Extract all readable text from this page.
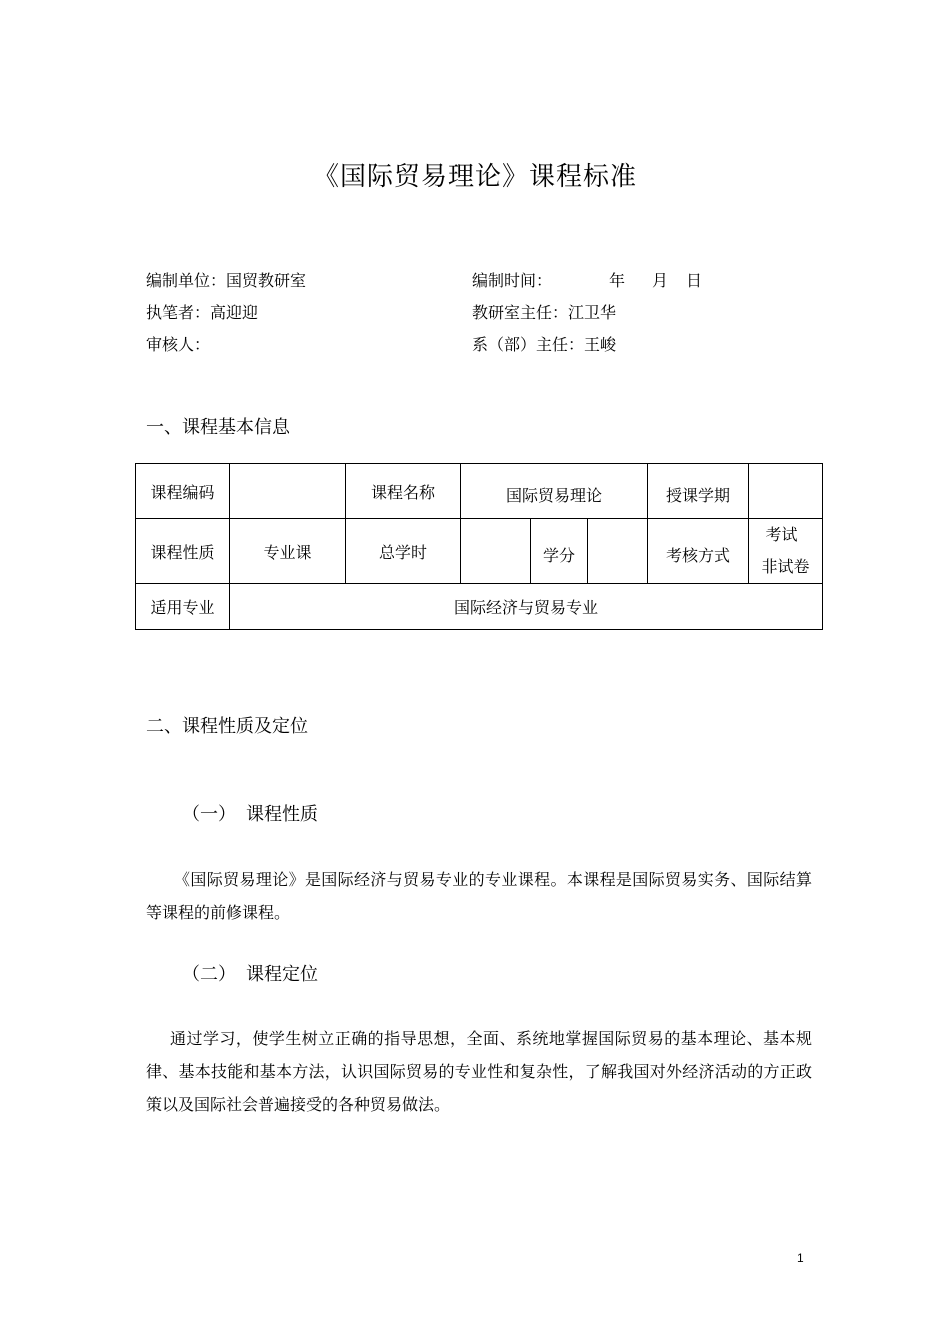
《国际贸易理论》课程标准
编制单位：国贸教研室	编制时间：	年 月 日
执笔者：高迎迎	教研室主任：江卫华
审核人：	系（部）主任：王峻
一、课程基本信息
课程编码		课程名称	国际贸易理论			授课学期	
课程性质	专业课	总学时		学分		考核方式	考试
非试卷

适用专业	国际经济与贸易专业						
二、课程性质及定位
（一） 课程性质
《国际贸易理论》是国际经济与贸易专业的专业课程。本课程是国际贸易实务、国际结算等课程的前修课程。
（二） 课程定位
通过学习，使学生树立正确的指导思想，全面、系统地掌握国际贸易的基本理论、基本规律、基本技能和基本方法，认识国际贸易的专业性和复杂性，了解我国对外经济活动的方正政策以及国际社会普遍接受的各种贸易做法。
1
